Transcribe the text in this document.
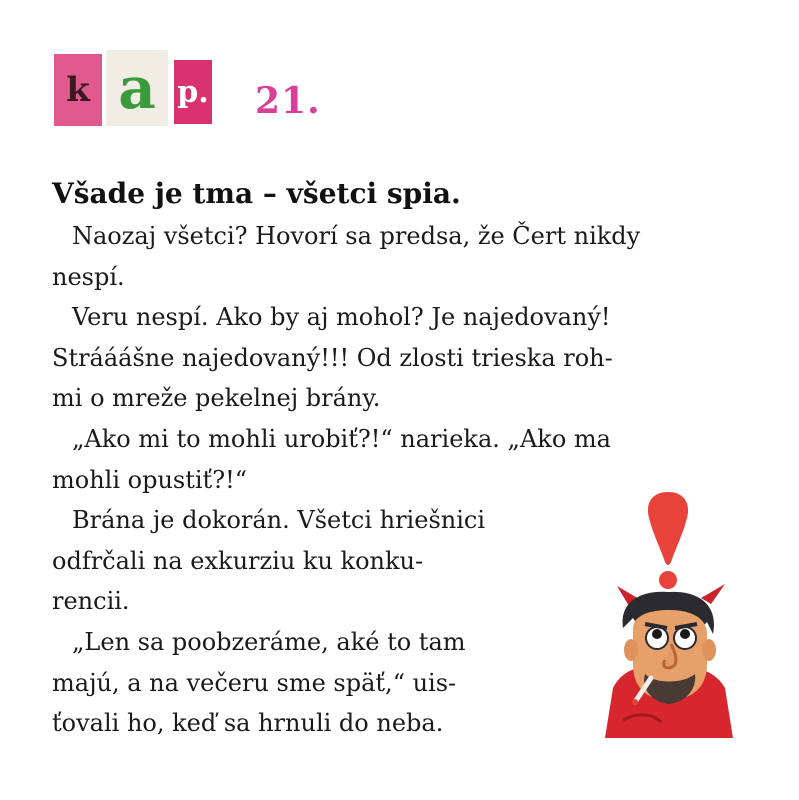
k a p. 21.
Všade je tma – všetci spia.
Naozaj všetci? Hovorí sa predsa, že Čert nikdy
nespí.
Veru nespí. Ako by aj mohol? Je najedovaný!
Strááášne najedovaný!!! Od zlosti trieska roh-
mi o mreže pekelnej brány.
„Ako mi to mohli urobiť?!“ narieka. „Ako ma
mohli opustiť?!“
Brána je dokorán. Všetci hriešnici
odfrčali na exkurziu ku konku-
rencii.
„Len sa poobzeráme, aké to tam
majú, a na večeru sme späť,“ uis-
ťovali ho, keď sa hrnuli do neba.
